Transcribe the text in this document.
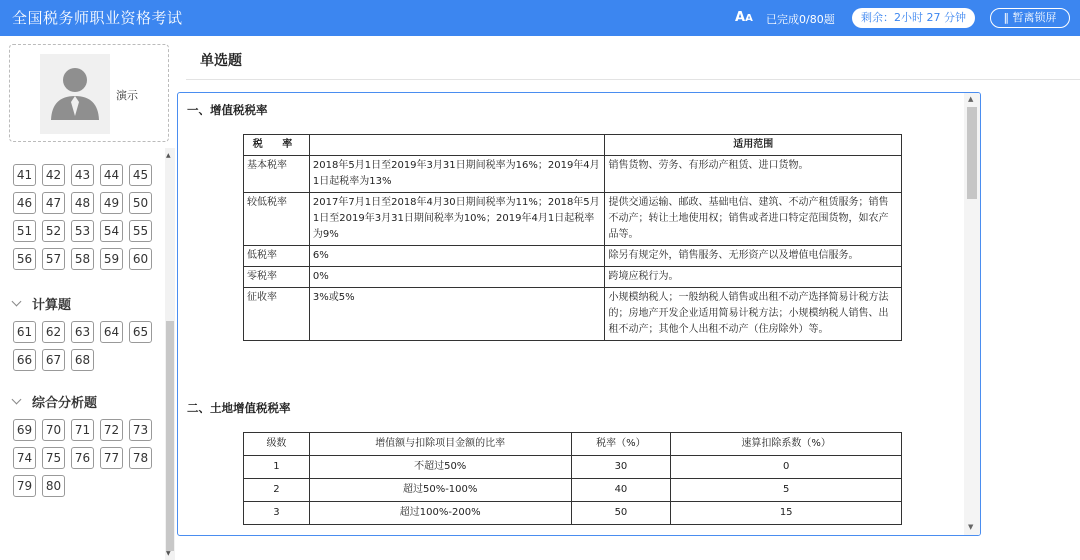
全国税务师职业资格考试	AA 已完成0/80题	剩余：2小时 27 分钟	‖ 暂离锁屏
演示
41	42	43	44	45
46	47	48	49	50
51	52	53	54	55
56	57	58	59	60
计算题
61	62	63	64	65
66	67	68
综合分析题
69	70	71	72	73
74	75	76	77	78
79	80
▲
▼
单选题
一、增值税税率
税 率		适用范围
基本税率	2018年5月1日至2019年3月31日期间税率为16%；2019年4月1日起税率为13%	销售货物、劳务、有形动产租赁、进口货物。
较低税率	2017年7月1日至2018年4月30日期间税率为11%；2018年5月1日至2019年3月31日期间税率为10%；2019年4月1日起税率为9%	提供交通运输、邮政、基础电信、建筑、不动产租赁服务；销售不动产；转让土地使用权；销售或者进口特定范围货物，如农产品等。
低税率	6%	除另有规定外，销售服务、无形资产以及增值电信服务。
零税率	0%	跨境应税行为。
征收率	3%或5%	小规模纳税人；一般纳税人销售或出租不动产选择简易计税方法的；房地产开发企业适用简易计税方法；小规模纳税人销售、出租不动产；其他个人出租不动产（住房除外）等。
二、土地增值税税率
级数	增值额与扣除项目金额的比率	税率（%）	速算扣除系数（%）
1	不超过50%	30	0
2	超过50%-100%	40	5
3	超过100%-200%	50	15
▲
▼
